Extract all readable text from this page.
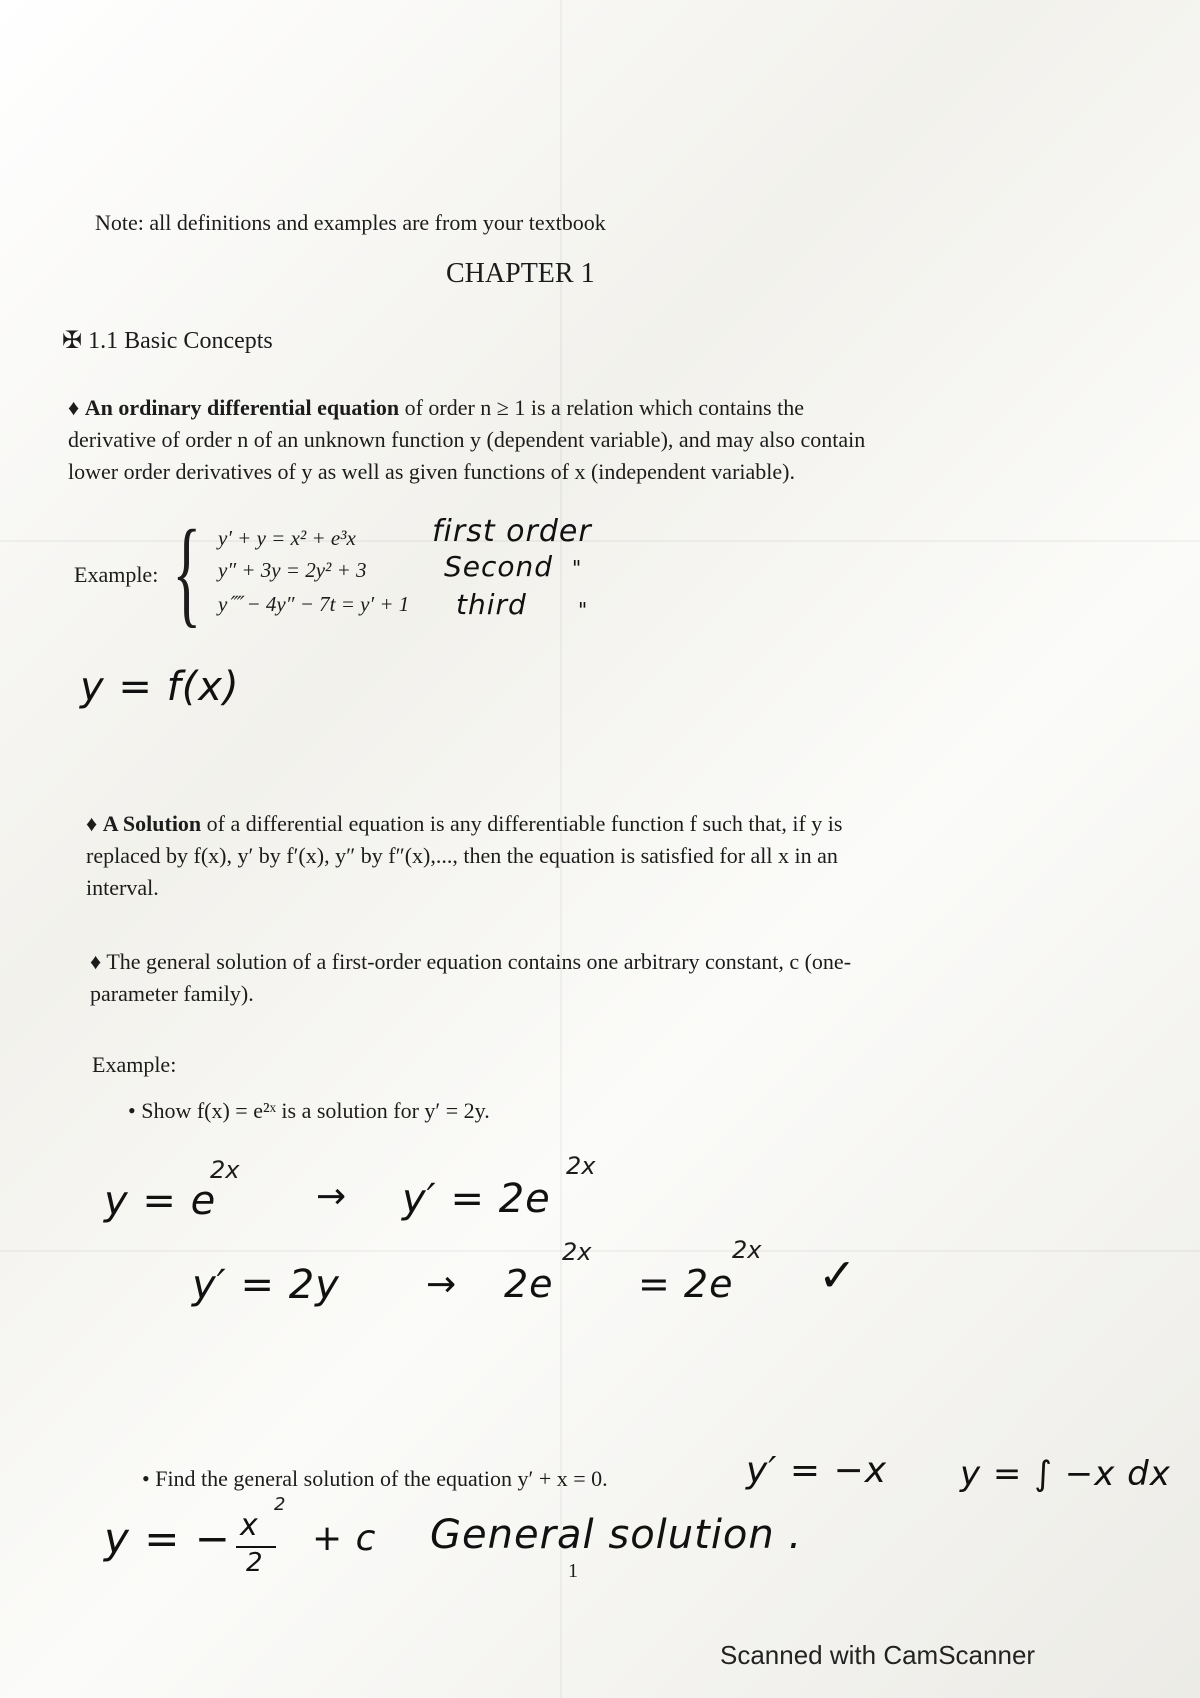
Note: all definitions and examples are from your textbook
CHAPTER 1
✠ 1.1 Basic Concepts
♦ An ordinary differential equation of order n ≥ 1 is a relation which contains the
derivative of order n of an unknown function y (dependent variable), and may also contain
lower order derivatives of y as well as given functions of x (independent variable).
Example: { y′ + y = x² + e³x
y″ + 3y = 2y² + 3
y⁗ − 4y″ − 7t = y′ + 1
first order
Second "
third	"
y = f(x)
♦ A Solution of a differential equation is any differentiable function f such that, if y is
replaced by f(x), y′ by f′(x), y″ by f″(x),..., then the equation is satisfied for all x in an
interval.
♦ The general solution of a first-order equation contains one arbitrary constant, c (one-
parameter family).
Example:
• Show f(x) = e²ˣ is a solution for y′ = 2y.
y = e
2x
→ y′ = 2e
2x
y′ = 2y → 2e
2x
= 2e
2x ✓
• Find the general solution of the equation y′ + x = 0.	y′ = −x y = ∫ −x dx
y = − x
2
2
+ c General solution .
1
Scanned with CamScanner
